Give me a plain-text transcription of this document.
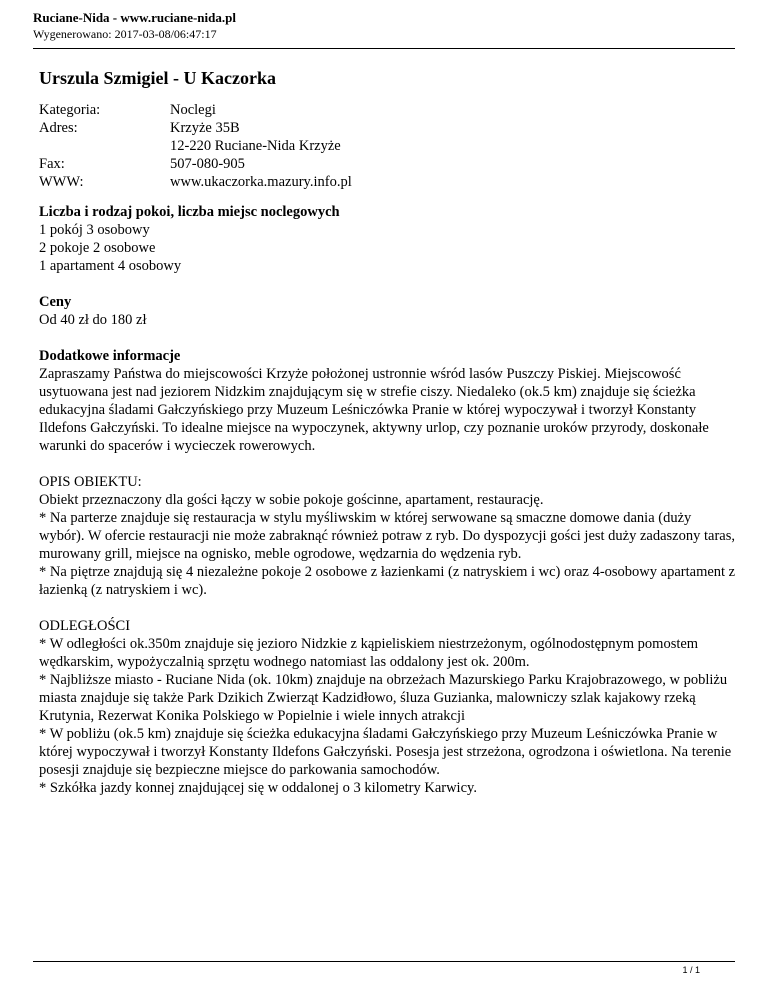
Ruciane-Nida - www.ruciane-nida.pl
Wygenerowano: 2017-03-08/06:47:17
Urszula Szmigiel - U Kaczorka
Kategoria:	Noclegi
Adres:	Krzyże 35B
12-220 Ruciane-Nida Krzyże
Fax:	507-080-905
WWW:	www.ukaczorka.mazury.info.pl
Liczba i rodzaj pokoi, liczba miejsc noclegowych
1 pokój 3 osobowy
2 pokoje 2 osobowe
1 apartament 4 osobowy
Ceny
Od 40 zł do 180 zł
Dodatkowe informacje

Zapraszamy Państwa do miejscowości Krzyże położonej ustronnie wśród lasów Puszczy Piskiej. Miejscowość usytuowana jest nad jeziorem Nidzkim znajdującym się w strefie ciszy. Niedaleko (ok.5 km) znajduje się ścieżka edukacyjna śladami Gałczyńskiego przy Muzeum Leśniczówka Pranie w której wypoczywał i tworzył Konstanty Ildefons Gałczyński. To idealne miejsce na wypoczynek, aktywny urlop, czy poznanie uroków przyrody, doskonałe warunki do spacerów i wycieczek rowerowych.

OPIS OBIEKTU:

Obiekt przeznaczony dla gości łączy w sobie pokoje gościnne, apartament, restaurację.

* Na parterze znajduje się restauracja w stylu myśliwskim w której serwowane są smaczne domowe dania (duży wybór). W ofercie restauracji nie może zabraknąć również potraw z ryb. Do dyspozycji gości jest duży zadaszony taras, murowany grill, miejsce na ognisko, meble ogrodowe, wędzarnia do wędzenia ryb.

* Na piętrze znajdują się 4 niezależne pokoje 2 osobowe z łazienkami (z natryskiem i wc) oraz 4-osobowy apartament z łazienką (z natryskiem i wc).

ODLEGŁOŚCI

* W odległości ok.350m znajduje się jezioro Nidzkie z kąpieliskiem niestrzeżonym, ogólnodostępnym pomostem wędkarskim, wypożyczalnią sprzętu wodnego natomiast las oddalony jest ok. 200m.

* Najbliższe miasto - Ruciane Nida (ok. 10km) znajduje na obrzeżach Mazurskiego Parku Krajobrazowego, w pobliżu miasta znajduje się także Park Dzikich Zwierząt Kadzidłowo, śluza Guzianka, malowniczy szlak kajakowy rzeką Krutynia, Rezerwat Konika Polskiego w Popielnie i wiele innych atrakcji

* W pobliżu (ok.5 km) znajduje się ścieżka edukacyjna śladami Gałczyńskiego przy Muzeum Leśniczówka Pranie w której wypoczywał i tworzył Konstanty Ildefons Gałczyński. Posesja jest strzeżona, ogrodzona i oświetlona. Na terenie posesji znajduje się bezpieczne miejsce do parkowania samochodów.

* Szkółka jazdy konnej znajdującej się w oddalonej o 3 kilometry Karwicy.

1 / 1
